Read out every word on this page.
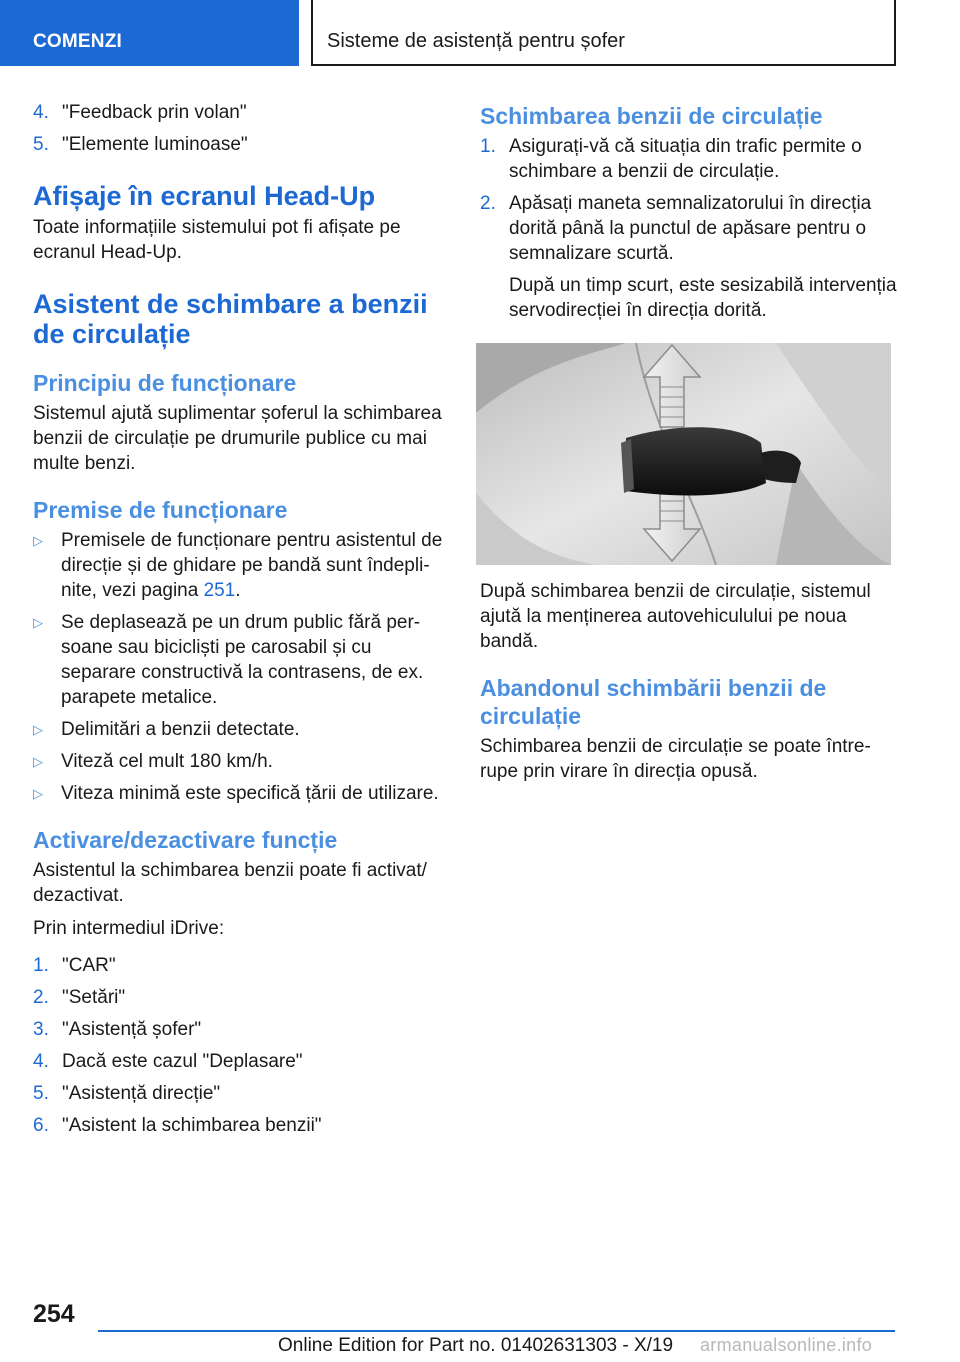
COMENZI	Sisteme de asistență pentru șofer
4. "Feedback prin volan"
5. "Elemente luminoase"
Afișaje în ecranul Head-Up

Toate informațiile sistemului pot fi afișate pe ecranul Head-Up.

Asistent de schimbare a benzii de circulație
Principiu de funcționare

Sistemul ajută suplimentar șoferul la schimbarea benzii de circulație pe drumurile publice cu mai multe benzi.

Premise de funcționare
▷ Premisele de funcționare pentru asistentul de direcție și de ghidare pe bandă sunt îndeplinite, vezi pagina 251.
▷ Se deplasează pe un drum public fără persoane sau bicicliști pe carosabil și cu separare constructivă la contrasens, de ex. parapete metalice.
▷ Delimitări a benzii detectate.
▷ Viteză cel mult 180 km/h.
▷ Viteza minimă este specifică țării de utilizare.
Activare/dezactivare funcție

Asistentul la schimbarea benzii poate fi activat/ dezactivat.

Prin intermediul iDrive:

1. "CAR"
2. "Setări"
3. "Asistență șofer"
4. Dacă este cazul "Deplasare"
5. "Asistență direcție"
6. "Asistent la schimbarea benzii"
Schimbarea benzii de circulație
1. Asigurați-vă că situația din trafic permite o schimbare a benzii de circulație.
2. Apăsați maneta semnalizatorului în direcția dorită până la punctul de apăsare pentru o semnalizare scurtă.

După un timp scurt, este sesizabilă intervenția servodirecției în direcția dorită.

După schimbarea benzii de circulație, sistemul ajută la menținerea autovehiculului pe noua bandă.

Abandonul schimbării benzii de circulație

Schimbarea benzii de circulație se poate întrerupe prin virare în direcția opusă.

254
Online Edition for Part no. 01402631303 - X/19 armanualsonline.info
